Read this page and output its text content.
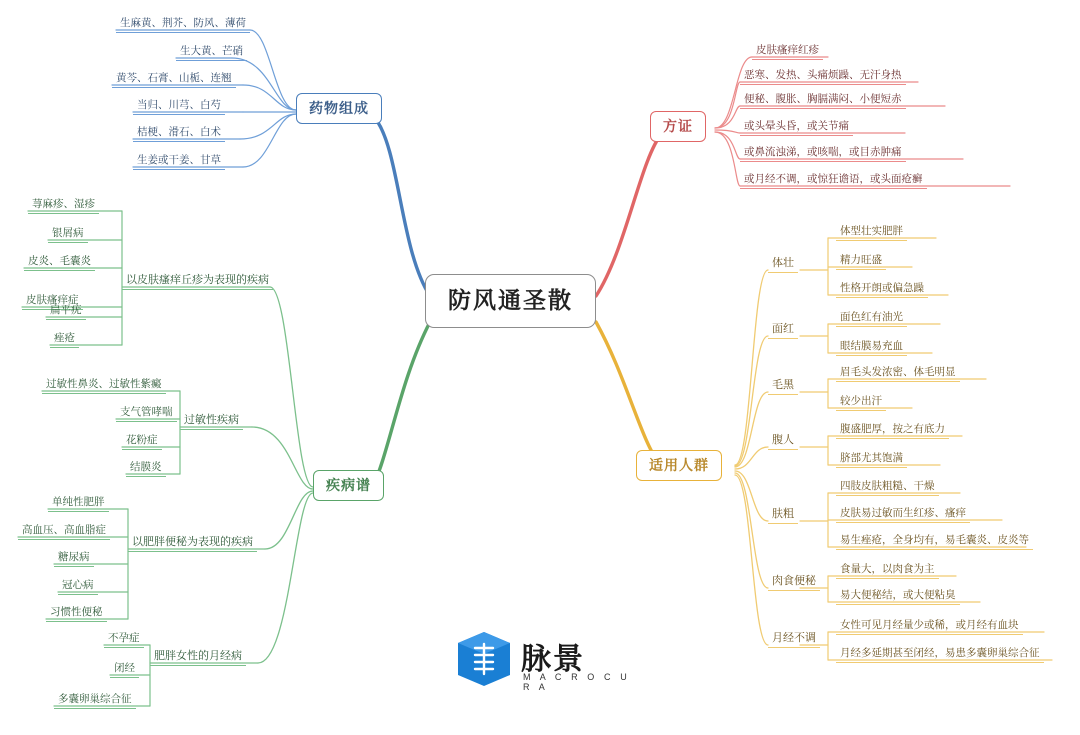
防风通圣散
药物组成
方证
疾病谱
适用人群
生麻黄、荆芥、防风、薄荷
生大黄、芒硝
黄芩、石膏、山栀、连翘
当归、川芎、白芍
桔梗、滑石、白术
生姜或干姜、甘草
皮肤瘙痒红疹
恶寒、发热、头痛烦躁、无汗身热
便秘、腹胀、胸膈满闷、小便短赤
或头晕头昏，或关节痛
或鼻流浊涕，或咳喘，或目赤肿痛
或月经不调，或惊狂谵语，或头面疮癣
以皮肤瘙痒丘疹为表现的疾病
荨麻疹、湿疹
银屑病
皮炎、毛囊炎
皮肤瘙痒症
扁平疣
痤疮
过敏性疾病
过敏性鼻炎、过敏性紫癜
支气管哮喘
花粉症
结膜炎
以肥胖便秘为表现的疾病
单纯性肥胖
高血压、高血脂症
糖尿病
冠心病
习惯性便秘
肥胖女性的月经病
不孕症
闭经
多囊卵巢综合征
体壮
体型壮实肥胖
精力旺盛
性格开朗或偏急躁
面红
面色红有油光
眼结膜易充血
毛黑
眉毛头发浓密、体毛明显
较少出汗
腹人
腹盛肥厚，按之有底力
脐部尤其饱满
肤粗
四肢皮肤粗糙、干燥
皮肤易过敏而生红疹、瘙痒
易生痤疮，全身均有，易毛囊炎、皮炎等
肉食便秘
食量大，以肉食为主
易大便秘结，或大便粘臭
月经不调
女性可见月经量少或稀，或月经有血块
月经多延期甚至闭经，易患多囊卵巢综合征
脉景
M A C R O C U R A
